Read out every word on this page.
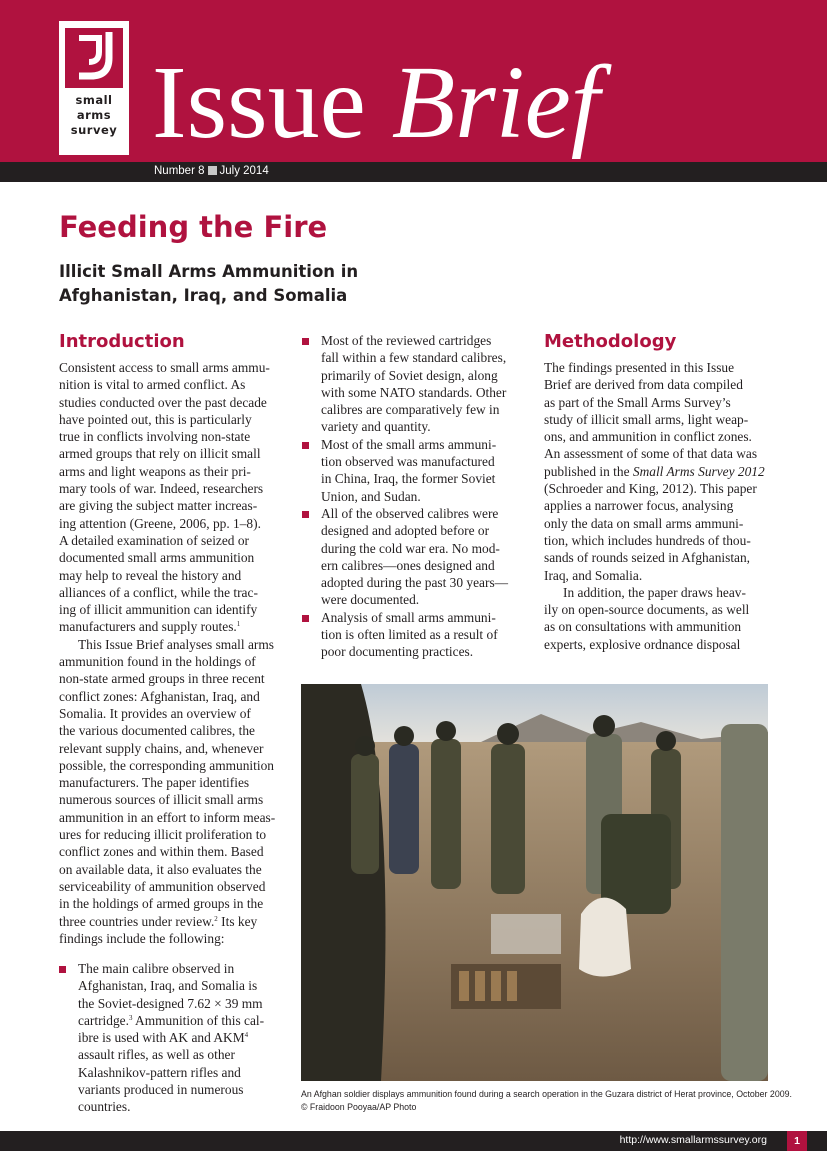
small
arms
survey Issue Brief
Number 8 July 2014
Feeding the Fire
Illicit Small Arms Ammunition in
Afghanistan, Iraq, and Somalia
Introduction
Consistent access to small arms ammu-
nition is vital to armed conflict. As
studies conducted over the past decade
have pointed out, this is particularly
true in conflicts involving non-state
armed groups that rely on illicit small
arms and light weapons as their pri-
mary tools of war. Indeed, researchers
are giving the subject matter increas-
ing attention (Greene, 2006, pp. 1–8).
A detailed examination of seized or
documented small arms ammunition
may help to reveal the history and
alliances of a conflict, while the trac-
ing of illicit ammunition can identify
manufacturers and supply routes.$^1$
This Issue Brief analyses small arms
ammunition found in the holdings of
non-state armed groups in three recent
conflict zones: Afghanistan, Iraq, and
Somalia. It provides an overview of
the various documented calibres, the
relevant supply chains, and, whenever
possible, the corresponding ammunition
manufacturers. The paper identifies
numerous sources of illicit small arms
ammunition in an effort to inform meas-
ures for reducing illicit proliferation to
conflict zones and within them. Based
on available data, it also evaluates the
serviceability of ammunition observed
in the holdings of armed groups in the
three countries under review.$^2$ Its key
findings include the following:
The main calibre observed in
Afghanistan, Iraq, and Somalia is
the Soviet-designed 7.62 × 39 mm
cartridge.$^3$ Ammunition of this cal-
ibre is used with AK and AKM$^4$
assault rifles, as well as other
Kalashnikov-pattern rifles and
variants produced in numerous
countries.
Most of the reviewed cartridges
fall within a few standard calibres,
primarily of Soviet design, along
with some NATO standards. Other
calibres are comparatively few in
variety and quantity.
Most of the small arms ammuni-
tion observed was manufactured
in China, Iraq, the former Soviet
Union, and Sudan.
All of the observed calibres were
designed and adopted before or
during the cold war era. No mod-
ern calibres—ones designed and
adopted during the past 30 years—
were documented.
Analysis of small arms ammuni-
tion is often limited as a result of
poor documenting practices.
Methodology
The findings presented in this Issue
Brief are derived from data compiled
as part of the Small Arms Survey’s
study of illicit small arms, light weap-
ons, and ammunition in conflict zones.
An assessment of some of that data was
published in the Small Arms Survey 2012
(Schroeder and King, 2012). This paper
applies a narrower focus, analysing
only the data on small arms ammuni-
tion, which includes hundreds of thou-
sands of rounds seized in Afghanistan,
Iraq, and Somalia.
In addition, the paper draws heav-
ily on open-source documents, as well
as on consultations with ammunition
experts, explosive ordnance disposal
An Afghan soldier displays ammunition found during a search operation in the Guzara district of Herat province, October 2009.
© Fraidoon Pooyaa/AP Photo
http://www.smallarmssurvey.org	1
